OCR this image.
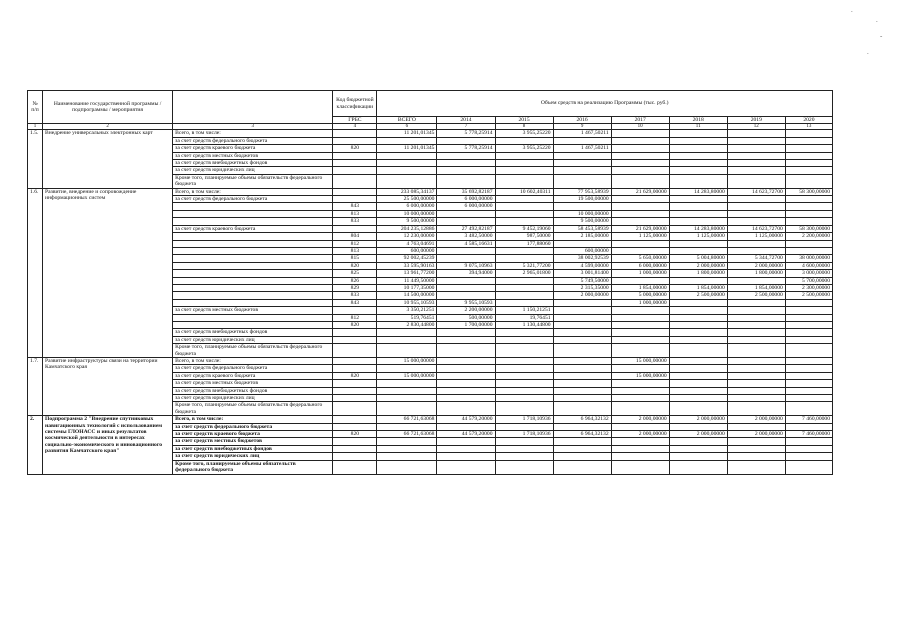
.
.
.
-
№ п/п	Наименование государственной программы / подпрограммы / мероприятия		Код бюджетной классификации	Объем средств на реализацию Программы (тыс. руб.)							
			ГРБС	ВСЕГО	2014	2015	2016	2017	2018	2019	2020
1	2	3	4	6	7	8	9	10	11	12	13
1.5.	Внедрение универсальных электронных карт	Всего, в том числе:		11 201,01345	5 778,25914	3 955,25220	1 467,50211				
		за счет средств федерального бюджета									
		за счет средств краевого бюджета	820	11 201,01345	5 778,25914	3 955,25220	1 467,50211				
		за счет средств местных бюджетов									
		за счет средств внебюджетных фондов									
		за счет средств юридических лиц									
		Кроме того, планируемые объемы обязательств федерального бюджета									
1.6.	Развитие, внедрение и сопровождение информационных систем	Всего, в том числе:		233 085,34137	35 692,82187	10 602,40311	77 953,58939	21 629,00000	14 283,80000	14 623,72700	58 300,00000
		за счет средств федерального бюджета		25 500,00000	6 000,00000		19 500,00000				
			843	6 000,00000	6 000,00000						
			813	10 000,00000			10 000,00000				
			833	9 500,00000			9 500,00000				
		за счет средств краевого бюджета		204 235,12886	27 492,82187	9 452,19060	58 453,58939	21 629,00000	14 283,80000	14 623,72700	58 300,00000
			804	12 230,00000	3 482,50000	987,50000	2 185,00000	1 125,00000	1 125,00000	1 125,00000	2 200,00000
			812	4 763,04691	4 585,16631	177,88060					
			813	600,00000			600,00000				
			815	92 002,45239			38 002,92539	5 650,00000	5 004,80000	5 344,72700	38 000,00000
			820	33 595,90163	9 075,10963	5 321,77200	4 599,00000	6 000,00000	2 000,00000	2 000,00000	4 600,00000
			825	13 961,77200	394,94000	2 965,01800	3 001,81400	1 000,00000	1 800,00000	1 800,00000	3 000,00000
			826	11 449,50000			5 749,50000				5 700,00000
			829	10 177,35000			2 315,35000	1 854,00000	1 854,00000	1 854,00000	2 300,00000
			833	14 500,00000			2 000,00000	5 000,00000	2 500,00000	2 500,00000	2 500,00000
			843	10 955,10593	9 955,10593			1 000,00000			
		за счет средств местных бюджетов		3 350,21251	2 200,00000	1 150,21251					
			812	519,76451	500,00000	19,76451					
			820	2 830,44800	1 700,00000	1 130,44800					
		за счет средств внебюджетных фондов									
		за счет средств юридических лиц									
		Кроме того, планируемые объемы обязательств федерального бюджета									
1.7.	Развитие инфраструктуры связи на территории Камчатского края	Всего, в том числе:		15 000,00000				15 000,00000			
		за счет средств федерального бюджета									
		за счет средств краевого бюджета	820	15 000,00000				15 000,00000			
		за счет средств местных бюджетов									
		за счет средств внебюджетных фондов									
		за счет средств юридических лиц									
		Кроме того, планируемые объемы обязательств федерального бюджета									
2.	Подпрограмма 2 "Внедрение спутниковых навигационных технологий с использованием системы ГЛОНАСС и иных результатов космической деятельности в интересах социально-экономического и инновационного развития Камчатского края"	Всего, в том числе:		66 721,63068	44 579,20000	1 718,10936	6 964,32132	2 000,00000	2 000,00000	2 000,00000	7 460,00000
		за счет средств федерального бюджета									
		за счет средств краевого бюджета	820	66 721,63068	44 579,20000	1 718,10936	6 964,32132	2 000,00000	2 000,00000	2 000,00000	7 460,00000
		за счет средств местных бюджетов									
		за счет средств внебюджетных фондов									
		за счет средств юридических лиц									
		Кроме того, планируемые объемы обязательств федерального бюджета									
